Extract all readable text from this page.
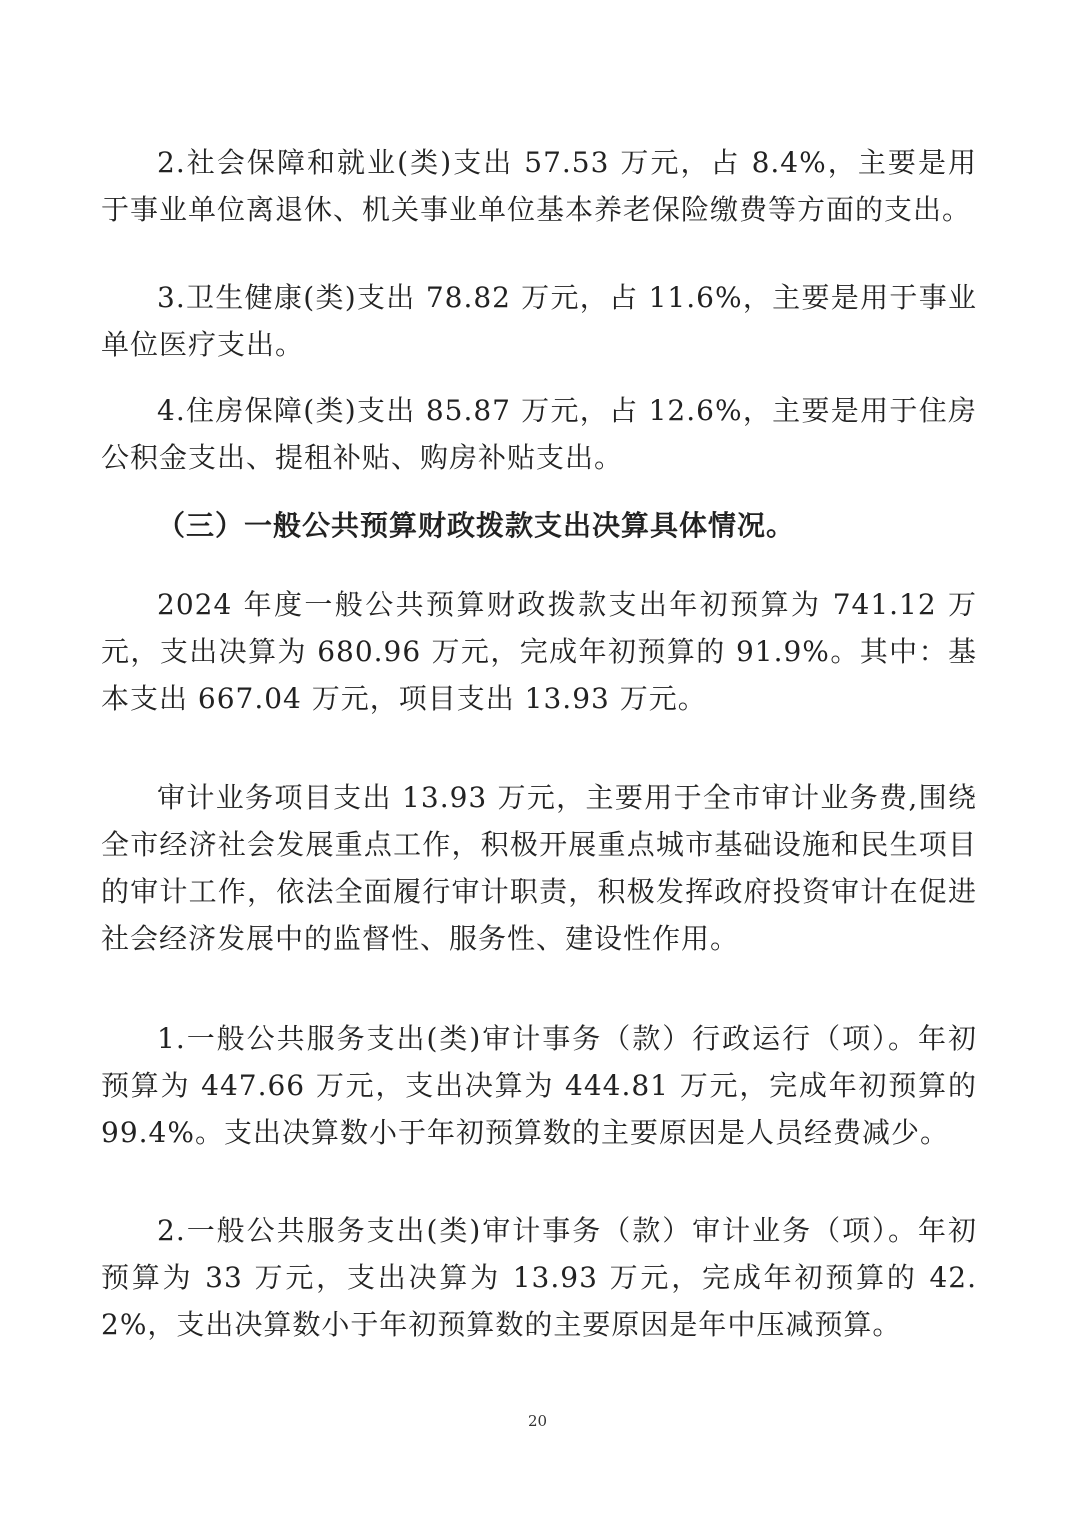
2.社会保障和就业(类)支出 57.53 万元，占 8.4%，主要是用于事业单位离退休、机关事业单位基本养老保险缴费等方面的支出。

3.卫生健康(类)支出 78.82 万元，占 11.6%，主要是用于事业单位医疗支出。

4.住房保障(类)支出 85.87 万元，占 12.6%，主要是用于住房公积金支出、提租补贴、购房补贴支出。

（三）一般公共预算财政拨款支出决算具体情况。

2024 年度一般公共预算财政拨款支出年初预算为 741.12 万元，支出决算为 680.96 万元，完成年初预算的 91.9%。其中：基本支出 667.04 万元，项目支出 13.93 万元。

审计业务项目支出 13.93 万元，主要用于全市审计业务费,围绕全市经济社会发展重点工作，积极开展重点城市基础设施和民生项目的审计工作，依法全面履行审计职责，积极发挥政府投资审计在促进社会经济发展中的监督性、服务性、建设性作用。

1.一般公共服务支出(类)审计事务（款）行政运行（项）。年初预算为 447.66 万元，支出决算为 444.81 万元，完成年初预算的 99.4%。支出决算数小于年初预算数的主要原因是人员经费减少。

2.一般公共服务支出(类)审计事务（款）审计业务（项）。年初预算为 33 万元，支出决算为 13.93 万元，完成年初预算的 42.2%，支出决算数小于年初预算数的主要原因是年中压减预算。

20
